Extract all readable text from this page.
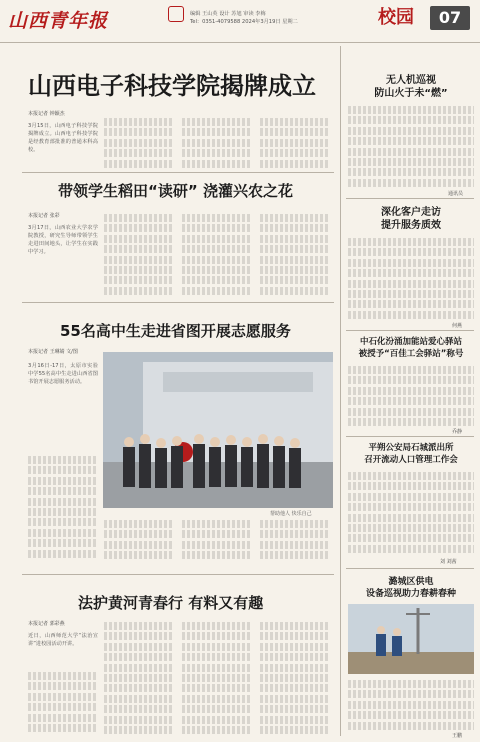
山西青年报	编辑 王山英 设计 苏旭 审读 李梅
Tel：0351-4079588 2024年3月19日 星期二	校园	07
山西电子科技学院揭牌成立
本报记者 钟颖杰
3月15日，山西电子科技学院揭牌成立。山西电子科技学院是经教育部批准的普通本科高校。
带领学生稻田“读研” 浇灌兴农之花
本报记者 张彩
3月17日，山西农业大学农学院教授，研究生导师带领学生走进田间地头，让学生在实践中学习。
55名高中生走进省图开展志愿服务
本报记者 王琳婧 文/图
3月16日-17日，太原市实验中学55名高中生走进山西省图书馆开展志愿服务活动。
帮助他人 快乐自己
法护黄河青春行 有料又有趣
本报记者 郭彩燕
近日，山西师范大学“法治宣讲”进校园活动开讲。
无人机巡视
防山火于未“燃”
通讯员
深化客户走访
提升服务质效
何燕
中石化汾涌加能站爱心驿站
被授予“百佳工会驿站”称号
乔静
平朔公安局石城派出所
召开流动人口管理工作会
刘 刘茜
潞城区供电
设备巡视助力春耕春种
王鹏
